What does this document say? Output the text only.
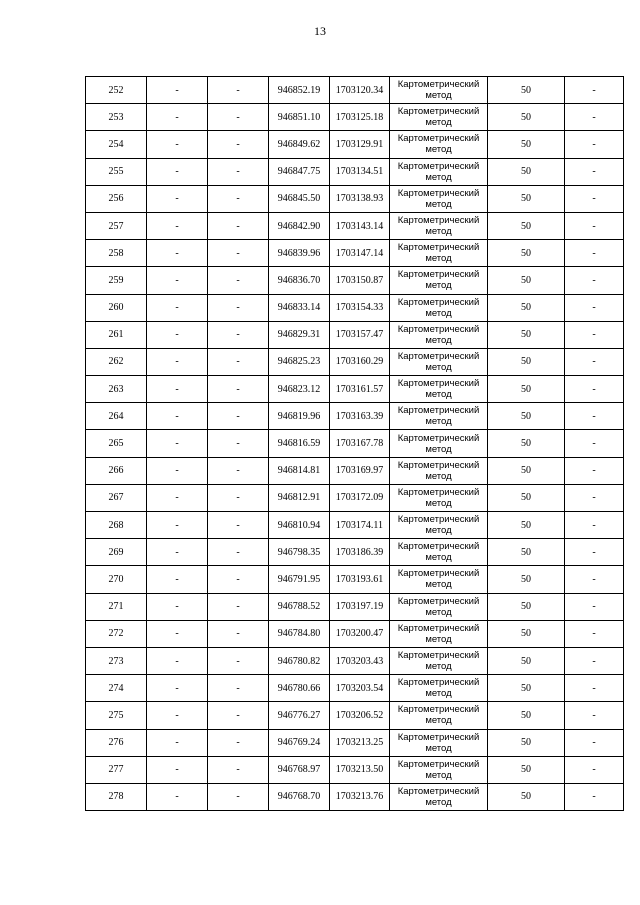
13
252	-	-	946852.19	1703120.34	Картометрический
метод	50	-
253	-	-	946851.10	1703125.18	Картометрический
метод	50	-
254	-	-	946849.62	1703129.91	Картометрический
метод	50	-
255	-	-	946847.75	1703134.51	Картометрический
метод	50	-
256	-	-	946845.50	1703138.93	Картометрический
метод	50	-
257	-	-	946842.90	1703143.14	Картометрический
метод	50	-
258	-	-	946839.96	1703147.14	Картометрический
метод	50	-
259	-	-	946836.70	1703150.87	Картометрический
метод	50	-
260	-	-	946833.14	1703154.33	Картометрический
метод	50	-
261	-	-	946829.31	1703157.47	Картометрический
метод	50	-
262	-	-	946825.23	1703160.29	Картометрический
метод	50	-
263	-	-	946823.12	1703161.57	Картометрический
метод	50	-
264	-	-	946819.96	1703163.39	Картометрический
метод	50	-
265	-	-	946816.59	1703167.78	Картометрический
метод	50	-
266	-	-	946814.81	1703169.97	Картометрический
метод	50	-
267	-	-	946812.91	1703172.09	Картометрический
метод	50	-
268	-	-	946810.94	1703174.11	Картометрический
метод	50	-
269	-	-	946798.35	1703186.39	Картометрический
метод	50	-
270	-	-	946791.95	1703193.61	Картометрический
метод	50	-
271	-	-	946788.52	1703197.19	Картометрический
метод	50	-
272	-	-	946784.80	1703200.47	Картометрический
метод	50	-
273	-	-	946780.82	1703203.43	Картометрический
метод	50	-
274	-	-	946780.66	1703203.54	Картометрический
метод	50	-
275	-	-	946776.27	1703206.52	Картометрический
метод	50	-
276	-	-	946769.24	1703213.25	Картометрический
метод	50	-
277	-	-	946768.97	1703213.50	Картометрический
метод	50	-
278	-	-	946768.70	1703213.76	Картометрический
метод	50	-
